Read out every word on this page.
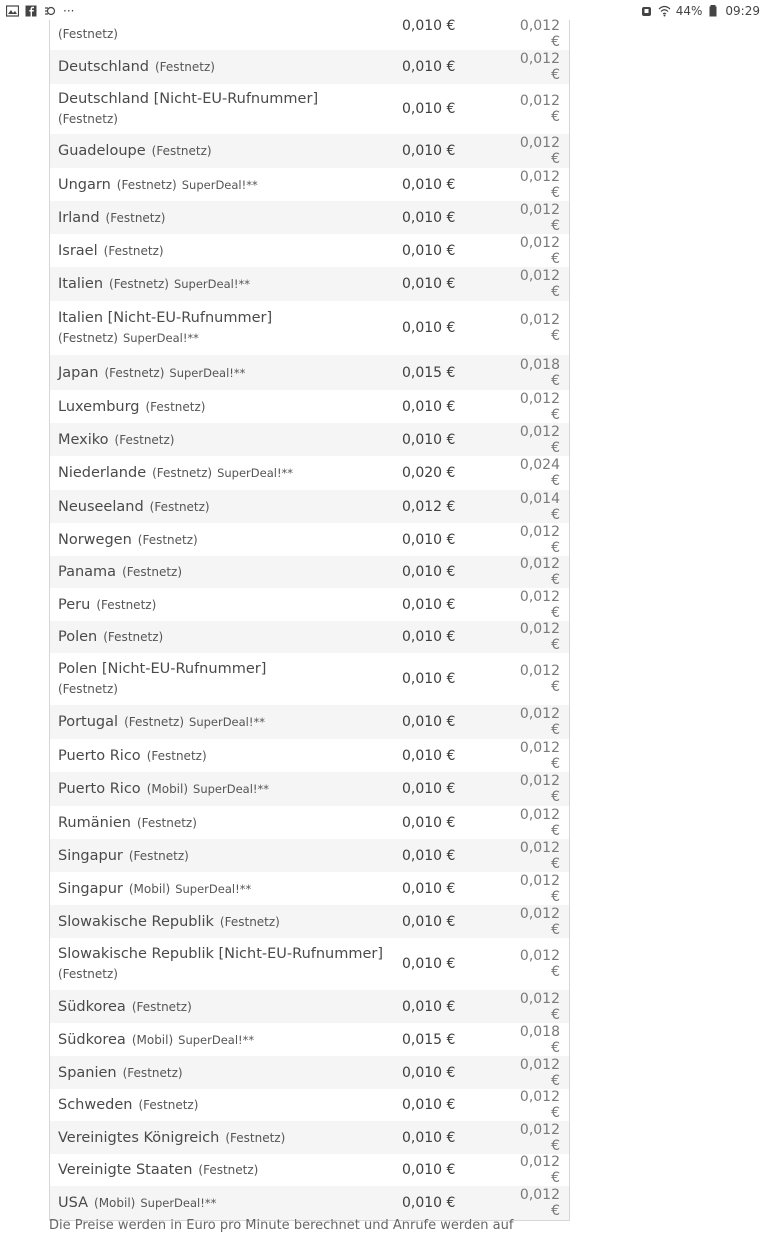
···	44% 09:29
(Festnetz)	0,010 €	0,012 €
Deutschland (Festnetz)	0,010 €	0,012 €
Deutschland [Nicht-EU-Rufnummer]
(Festnetz)
0,010 €	0,012 €
Guadeloupe (Festnetz)	0,010 €	0,012 €
Ungarn (Festnetz) SuperDeal!**	0,010 €	0,012 €
Irland (Festnetz)	0,010 €	0,012 €
Israel (Festnetz)	0,010 €	0,012 €
Italien (Festnetz) SuperDeal!**	0,010 €	0,012 €
Italien [Nicht-EU-Rufnummer]
(Festnetz) SuperDeal!**
0,010 €	0,012 €
Japan (Festnetz) SuperDeal!**	0,015 €	0,018 €
Luxemburg (Festnetz)	0,010 €	0,012 €
Mexiko (Festnetz)	0,010 €	0,012 €
Niederlande (Festnetz) SuperDeal!**	0,020 €	0,024 €
Neuseeland (Festnetz)	0,012 €	0,014 €
Norwegen (Festnetz)	0,010 €	0,012 €
Panama (Festnetz)	0,010 €	0,012 €
Peru (Festnetz)	0,010 €	0,012 €
Polen (Festnetz)	0,010 €	0,012 €
Polen [Nicht-EU-Rufnummer]
(Festnetz)
0,010 €	0,012 €
Portugal (Festnetz) SuperDeal!**	0,010 €	0,012 €
Puerto Rico (Festnetz)	0,010 €	0,012 €
Puerto Rico (Mobil) SuperDeal!**	0,010 €	0,012 €
Rumänien (Festnetz)	0,010 €	0,012 €
Singapur (Festnetz)	0,010 €	0,012 €
Singapur (Mobil) SuperDeal!**	0,010 €	0,012 €
Slowakische Republik (Festnetz)	0,010 €	0,012 €
Slowakische Republik [Nicht-EU-Rufnummer]
(Festnetz)
0,010 €	0,012 €
Südkorea (Festnetz)	0,010 €	0,012 €
Südkorea (Mobil) SuperDeal!**	0,015 €	0,018 €
Spanien (Festnetz)	0,010 €	0,012 €
Schweden (Festnetz)	0,010 €	0,012 €
Vereinigtes Königreich (Festnetz)	0,010 €	0,012 €
Vereinigte Staaten (Festnetz)	0,010 €	0,012 €
USA (Mobil) SuperDeal!**	0,010 €	0,012 €
Die Preise werden in Euro pro Minute berechnet und Anrufe werden auf
